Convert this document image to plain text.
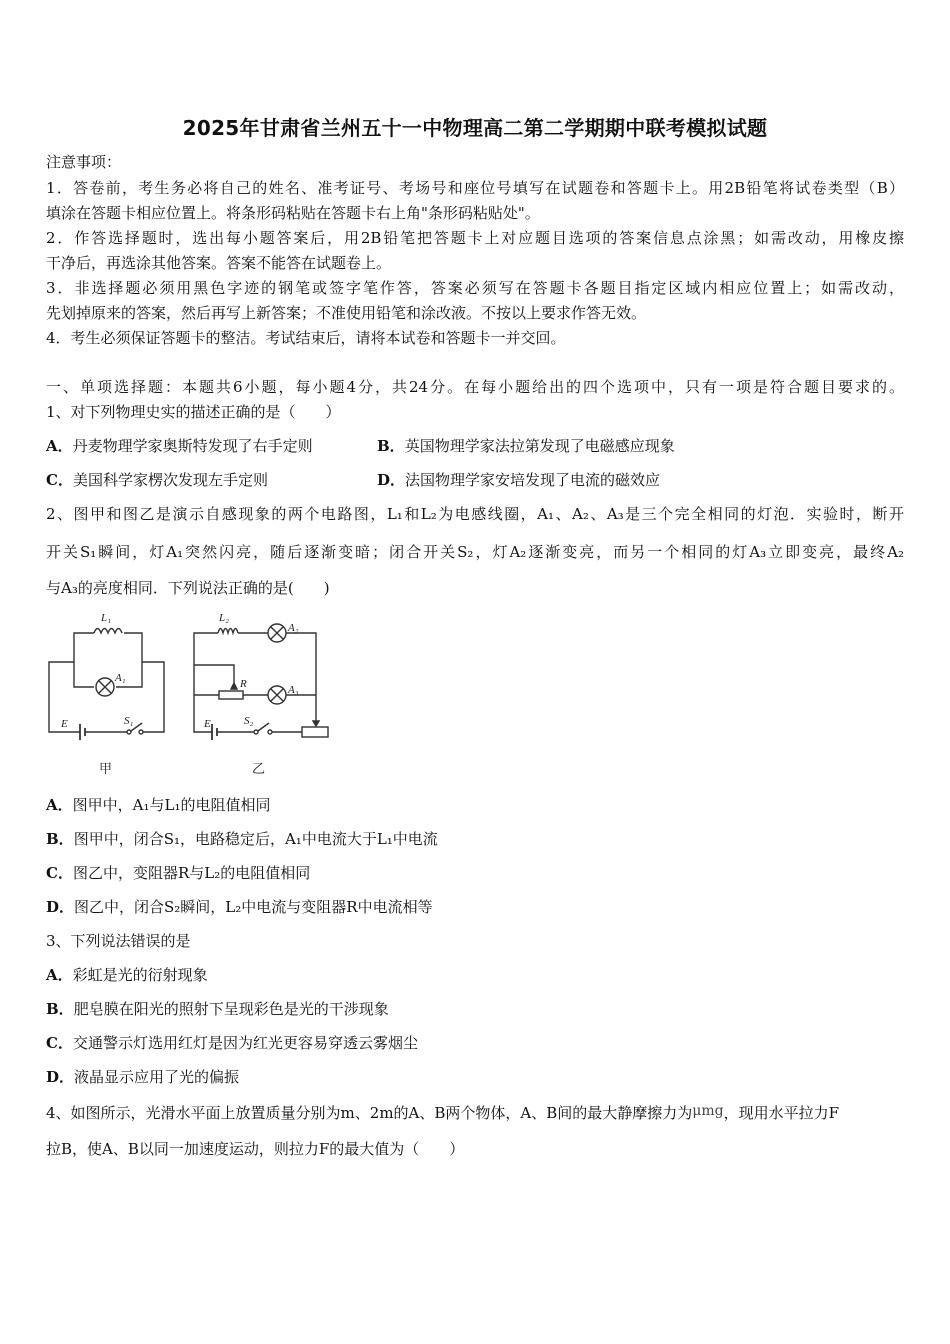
2025年甘肃省兰州五十一中物理高二第二学期期中联考模拟试题
注意事项：
1．答卷前，考生务必将自己的姓名、准考证号、考场号和座位号填写在试题卷和答题卡上。用2B铅笔将试卷类型（B）
填涂在答题卡相应位置上。将条形码粘贴在答题卡右上角"条形码粘贴处"。
2．作答选择题时，选出每小题答案后，用2B铅笔把答题卡上对应题目选项的答案信息点涂黑；如需改动，用橡皮擦
干净后，再选涂其他答案。答案不能答在试题卷上。
3．非选择题必须用黑色字迹的钢笔或签字笔作答，答案必须写在答题卡各题目指定区域内相应位置上；如需改动，
先划掉原来的答案，然后再写上新答案；不准使用铅笔和涂改液。不按以上要求作答无效。
4．考生必须保证答题卡的整洁。考试结束后，请将本试卷和答题卡一并交回。
一、单项选择题：本题共6小题，每小题4分，共24分。在每小题给出的四个选项中，只有一项是符合题目要求的。
1、对下列物理史实的描述正确的是（　　）
A．丹麦物理学家奥斯特发现了右手定则	B．英国物理学家法拉第发现了电磁感应现象
C．美国科学家楞次发现左手定则	D．法国物理学家安培发现了电流的磁效应
2、图甲和图乙是演示自感现象的两个电路图，L₁和L₂为电感线圈，A₁、A₂、A₃是三个完全相同的灯泡．实验时，断开
开关S₁瞬间，灯A₁突然闪亮，随后逐渐变暗；闭合开关S₂，灯A₂逐渐变亮，而另一个相同的灯A₃立即变亮，最终A₂
与A₃的亮度相同．下列说法正确的是(　　)
L₁	L₂
A₁
A₂
A₃
R
E	E
S₁	S₂
甲	乙
A．图甲中，A₁与L₁的电阻值相同
B．图甲中，闭合S₁，电路稳定后，A₁中电流大于L₁中电流
C．图乙中，变阻器R与L₂的电阻值相同
D．图乙中，闭合S₂瞬间，L₂中电流与变阻器R中电流相等
3、下列说法错误的是
A．彩虹是光的衍射现象
B．肥皂膜在阳光的照射下呈现彩色是光的干涉现象
C．交通警示灯选用红灯是因为红光更容易穿透云雾烟尘
D．液晶显示应用了光的偏振
4、如图所示，光滑水平面上放置质量分别为m、2m的A、B两个物体，A、B间的最大静摩擦力为μmg，现用水平拉力F
拉B，使A、B以同一加速度运动，则拉力F的最大值为（　　）
